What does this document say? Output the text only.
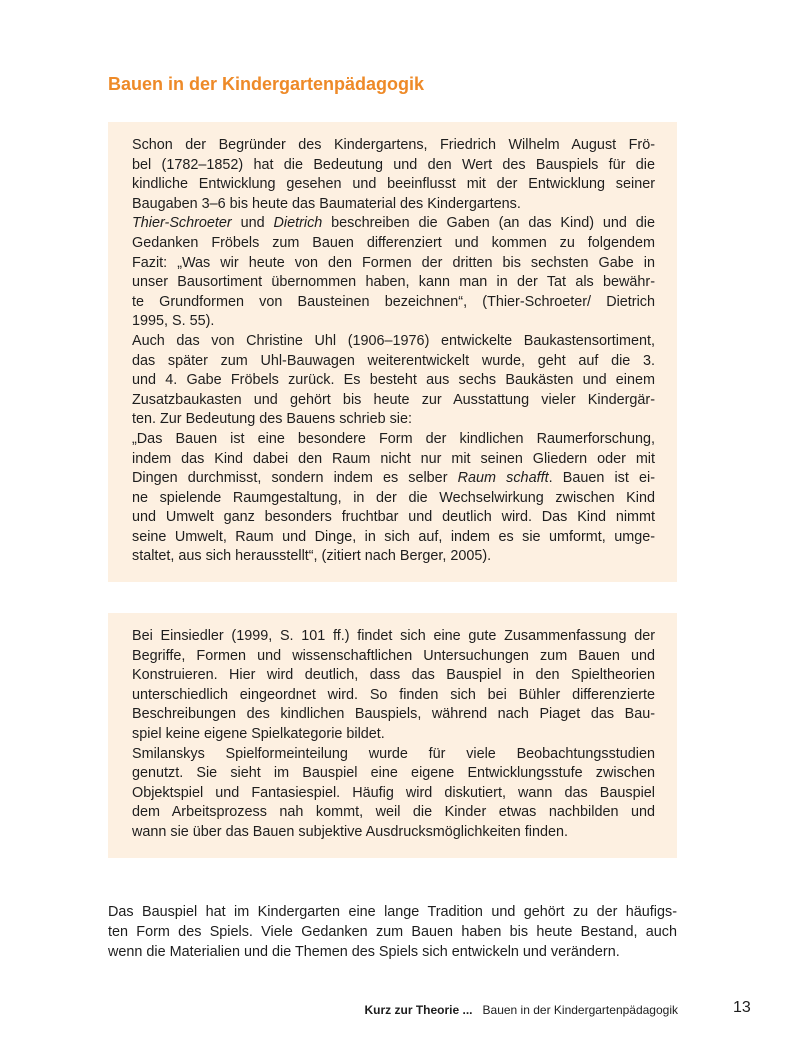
Bauen in der Kindergartenpädagogik
Schon der Begründer des Kindergartens, Friedrich Wilhelm August Frö-
bel (1782–1852) hat die Bedeutung und den Wert des Bauspiels für die
kindliche Entwicklung gesehen und beeinflusst mit der Entwicklung seiner
Baugaben 3–6 bis heute das Baumaterial des Kindergartens.
Thier-Schroeter und Dietrich beschreiben die Gaben (an das Kind) und die
Gedanken Fröbels zum Bauen differenziert und kommen zu folgendem
Fazit: „Was wir heute von den Formen der dritten bis sechsten Gabe in
unser Bausortiment übernommen haben, kann man in der Tat als bewähr-
te Grundformen von Bausteinen bezeichnen“, (Thier-Schroeter/ Dietrich
1995, S. 55).
Auch das von Christine Uhl (1906–1976) entwickelte Baukastensortiment,
das später zum Uhl-Bauwagen weiterentwickelt wurde, geht auf die 3.
und 4. Gabe Fröbels zurück. Es besteht aus sechs Baukästen und einem
Zusatzbaukasten und gehört bis heute zur Ausstattung vieler Kindergär-
ten. Zur Bedeutung des Bauens schrieb sie:
„Das Bauen ist eine besondere Form der kindlichen Raumerforschung,
indem das Kind dabei den Raum nicht nur mit seinen Gliedern oder mit
Dingen durchmisst, sondern indem es selber Raum schafft. Bauen ist ei-
ne spielende Raumgestaltung, in der die Wechselwirkung zwischen Kind
und Umwelt ganz besonders fruchtbar und deutlich wird. Das Kind nimmt
seine Umwelt, Raum und Dinge, in sich auf, indem es sie umformt, umge-
staltet, aus sich herausstellt“, (zitiert nach Berger, 2005).
Bei Einsiedler (1999, S. 101 ff.) findet sich eine gute Zusammenfassung der
Begriffe, Formen und wissenschaftlichen Untersuchungen zum Bauen und
Konstruieren. Hier wird deutlich, dass das Bauspiel in den Spieltheorien
unterschiedlich eingeordnet wird. So finden sich bei Bühler differenzierte
Beschreibungen des kindlichen Bauspiels, während nach Piaget das Bau-
spiel keine eigene Spielkategorie bildet.
Smilanskys Spielformeinteilung wurde für viele Beobachtungsstudien
genutzt. Sie sieht im Bauspiel eine eigene Entwicklungsstufe zwischen
Objektspiel und Fantasiespiel. Häufig wird diskutiert, wann das Bauspiel
dem Arbeitsprozess nah kommt, weil die Kinder etwas nachbilden und
wann sie über das Bauen subjektive Ausdrucksmöglichkeiten finden.
Das Bauspiel hat im Kindergarten eine lange Tradition und gehört zu der häufigs-
ten Form des Spiels. Viele Gedanken zum Bauen haben bis heute Bestand, auch
wenn die Materialien und die Themen des Spiels sich entwickeln und verändern.
Kurz zur Theorie ... Bauen in der Kindergartenpädagogik	13
